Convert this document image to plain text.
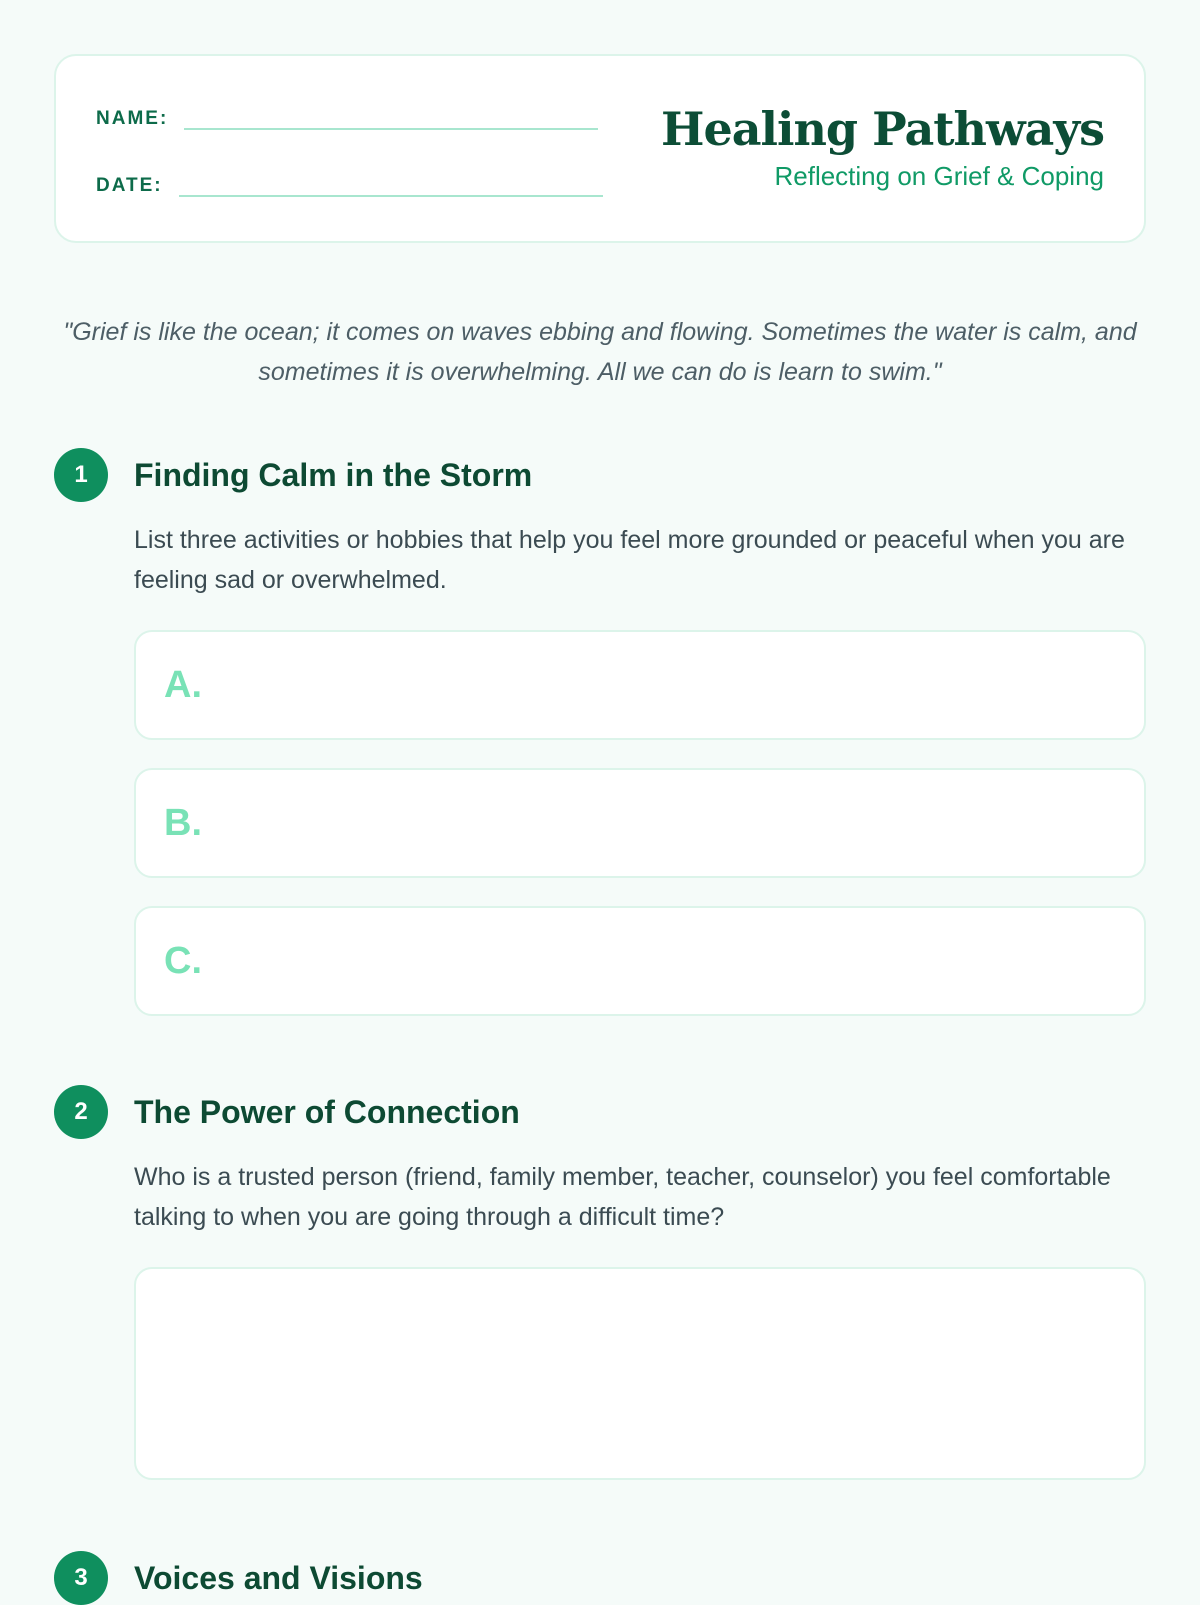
NAME:
DATE:
Healing Pathways
Reflecting on Grief & Coping
"Grief is like the ocean; it comes on waves ebbing and flowing. Sometimes the water is calm, and sometimes it is overwhelming. All we can do is learn to swim."
1	Finding Calm in the Storm
List three activities or hobbies that help you feel more grounded or peaceful when you are feeling sad or overwhelmed.
A.
B.
C.
2	The Power of Connection
Who is a trusted person (friend, family member, teacher, counselor) you feel comfortable talking to when you are going through a difficult time?
3	Voices and Visions
